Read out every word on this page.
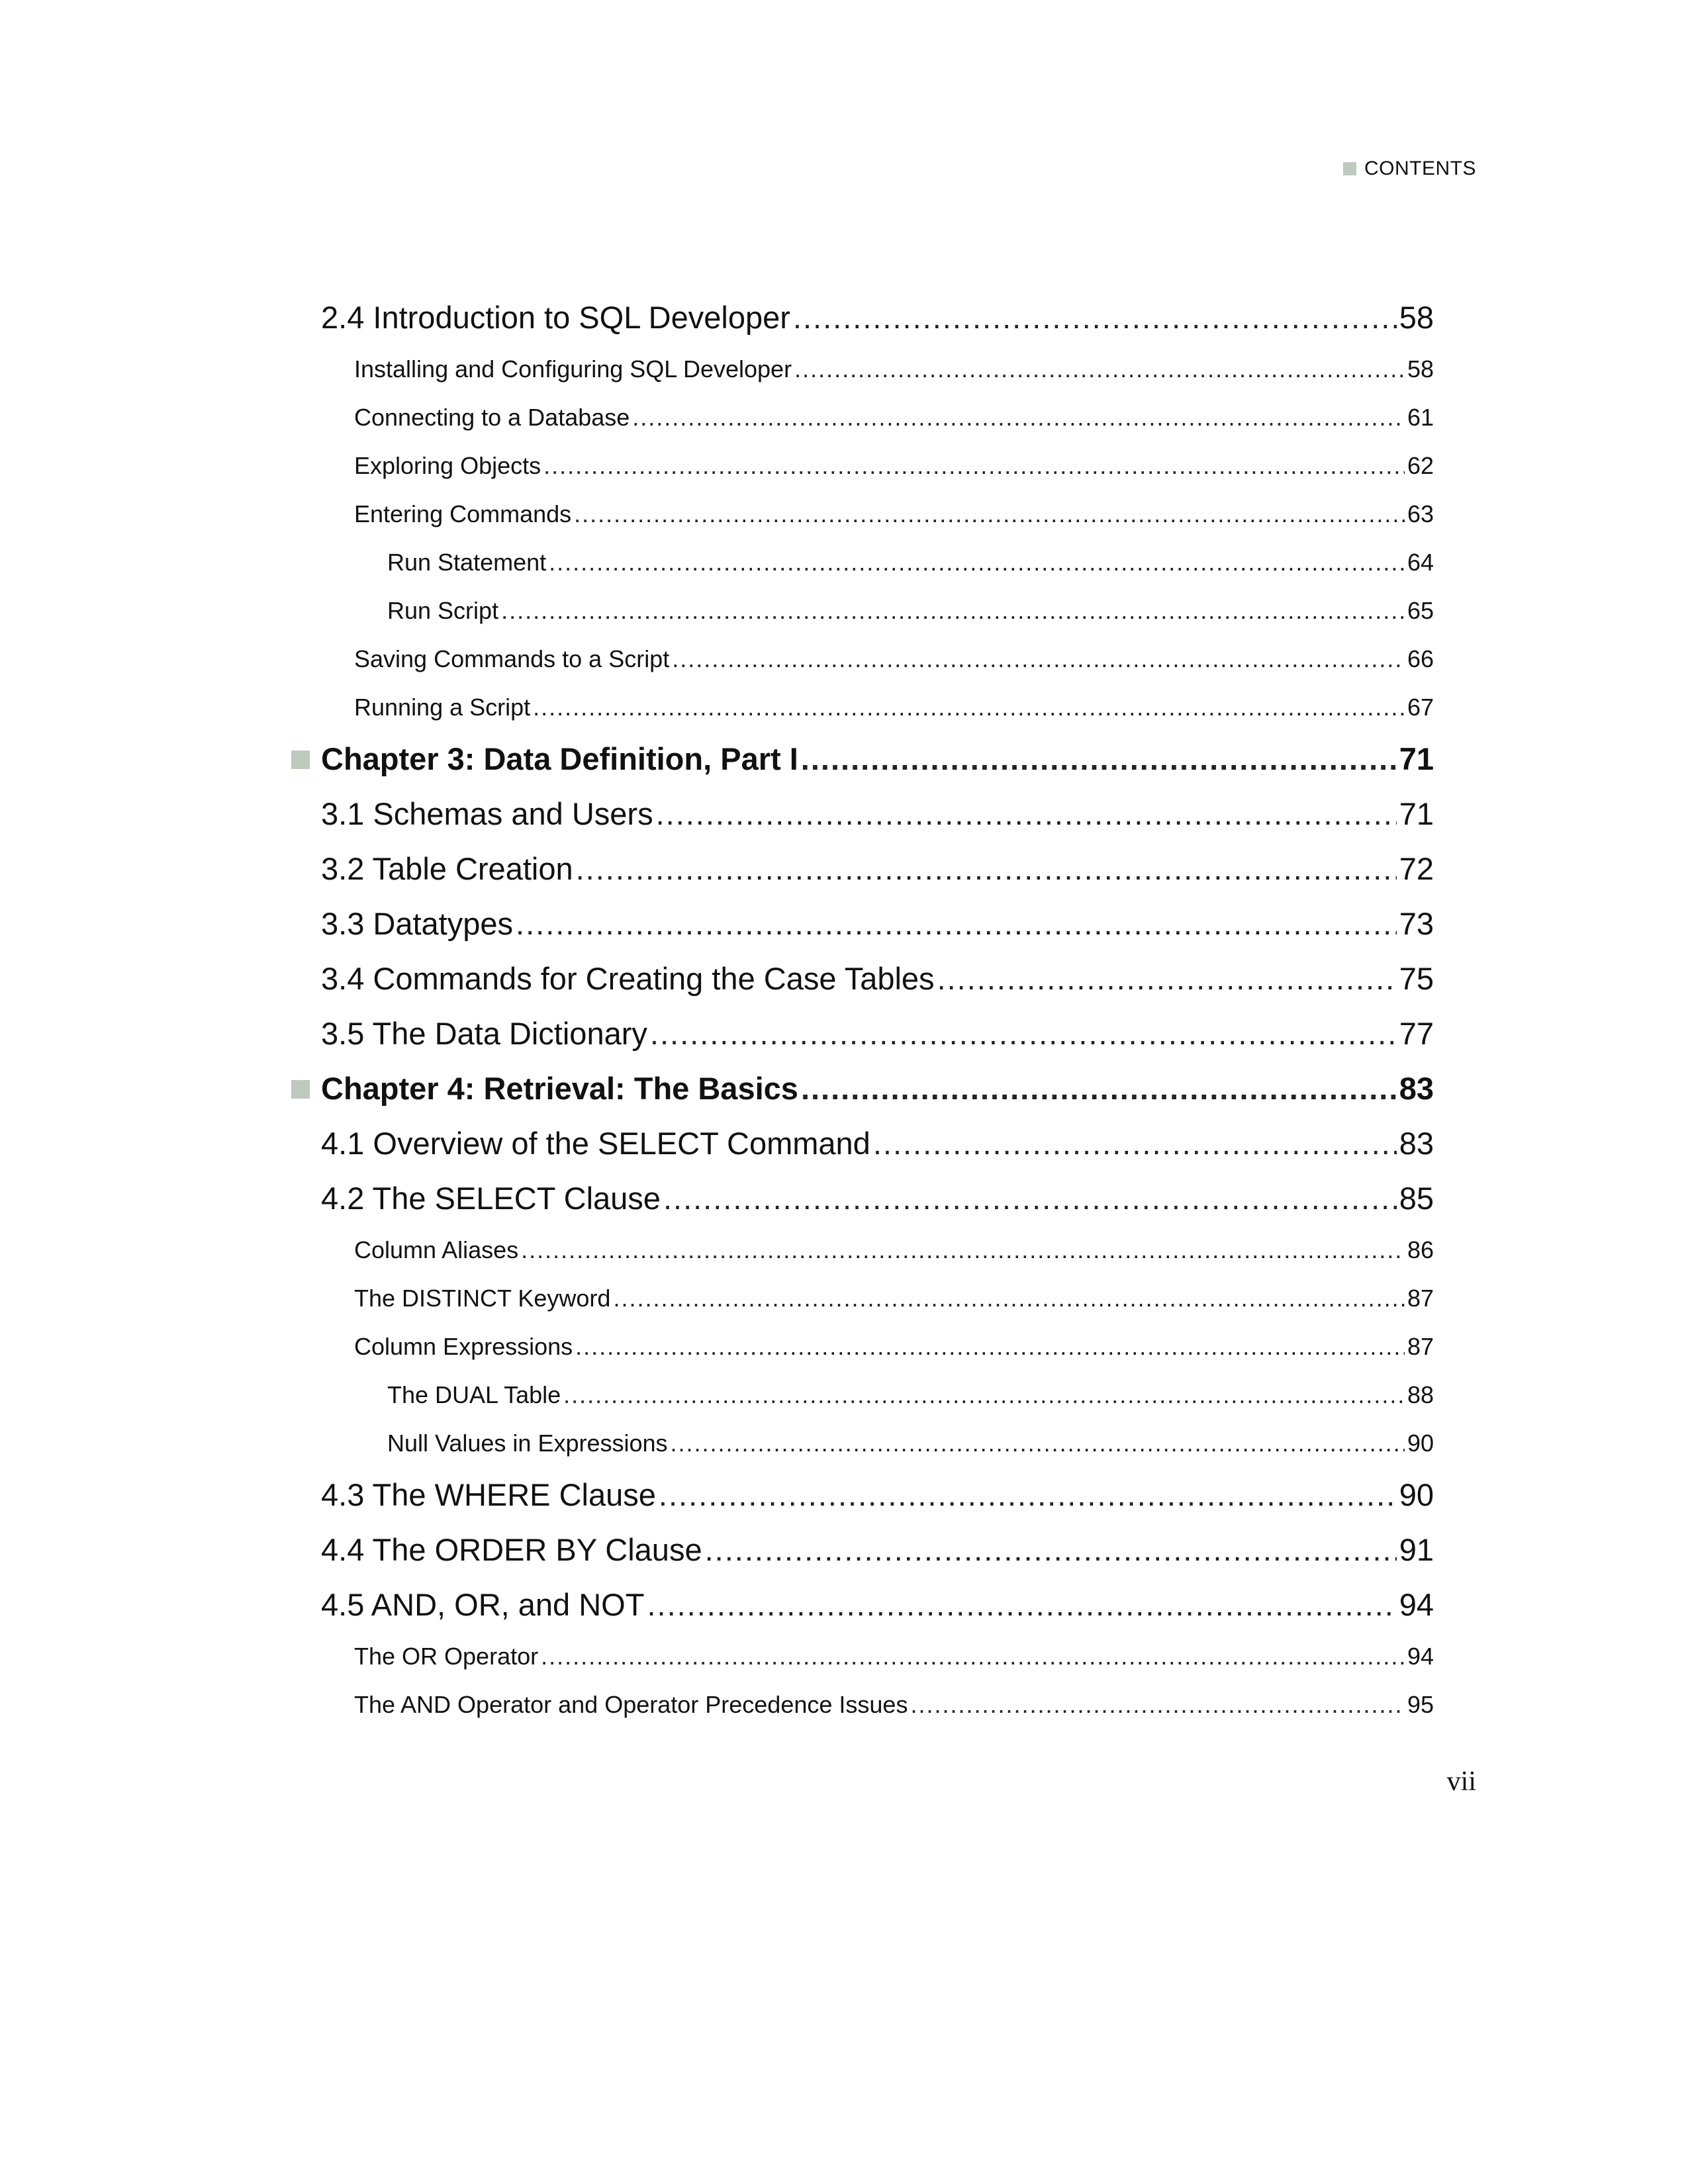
CONTENTS
2.4 Introduction to SQL Developer .....	58
Installing and Configuring SQL Developer .....	58
Connecting to a Database .....	61
Exploring Objects .....	62
Entering Commands .....	63
Run Statement .....	64
Run Script .....	65
Saving Commands to a Script .....	66
Running a Script .....	67
Chapter 3: Data Definition, Part I .....	71
3.1 Schemas and Users .....	71
3.2 Table Creation .....	72
3.3 Datatypes .....	73
3.4 Commands for Creating the Case Tables .....	75
3.5 The Data Dictionary .....	77
Chapter 4: Retrieval: The Basics .....	83
4.1 Overview of the SELECT Command .....	83
4.2 The SELECT Clause .....	85
Column Aliases .....	86
The DISTINCT Keyword .....	87
Column Expressions .....	87
The DUAL Table .....	88
Null Values in Expressions .....	90
4.3 The WHERE Clause .....	90
4.4 The ORDER BY Clause .....	91
4.5 AND, OR, and NOT .....	94
The OR Operator .....	94
The AND Operator and Operator Precedence Issues .....	95
vii
